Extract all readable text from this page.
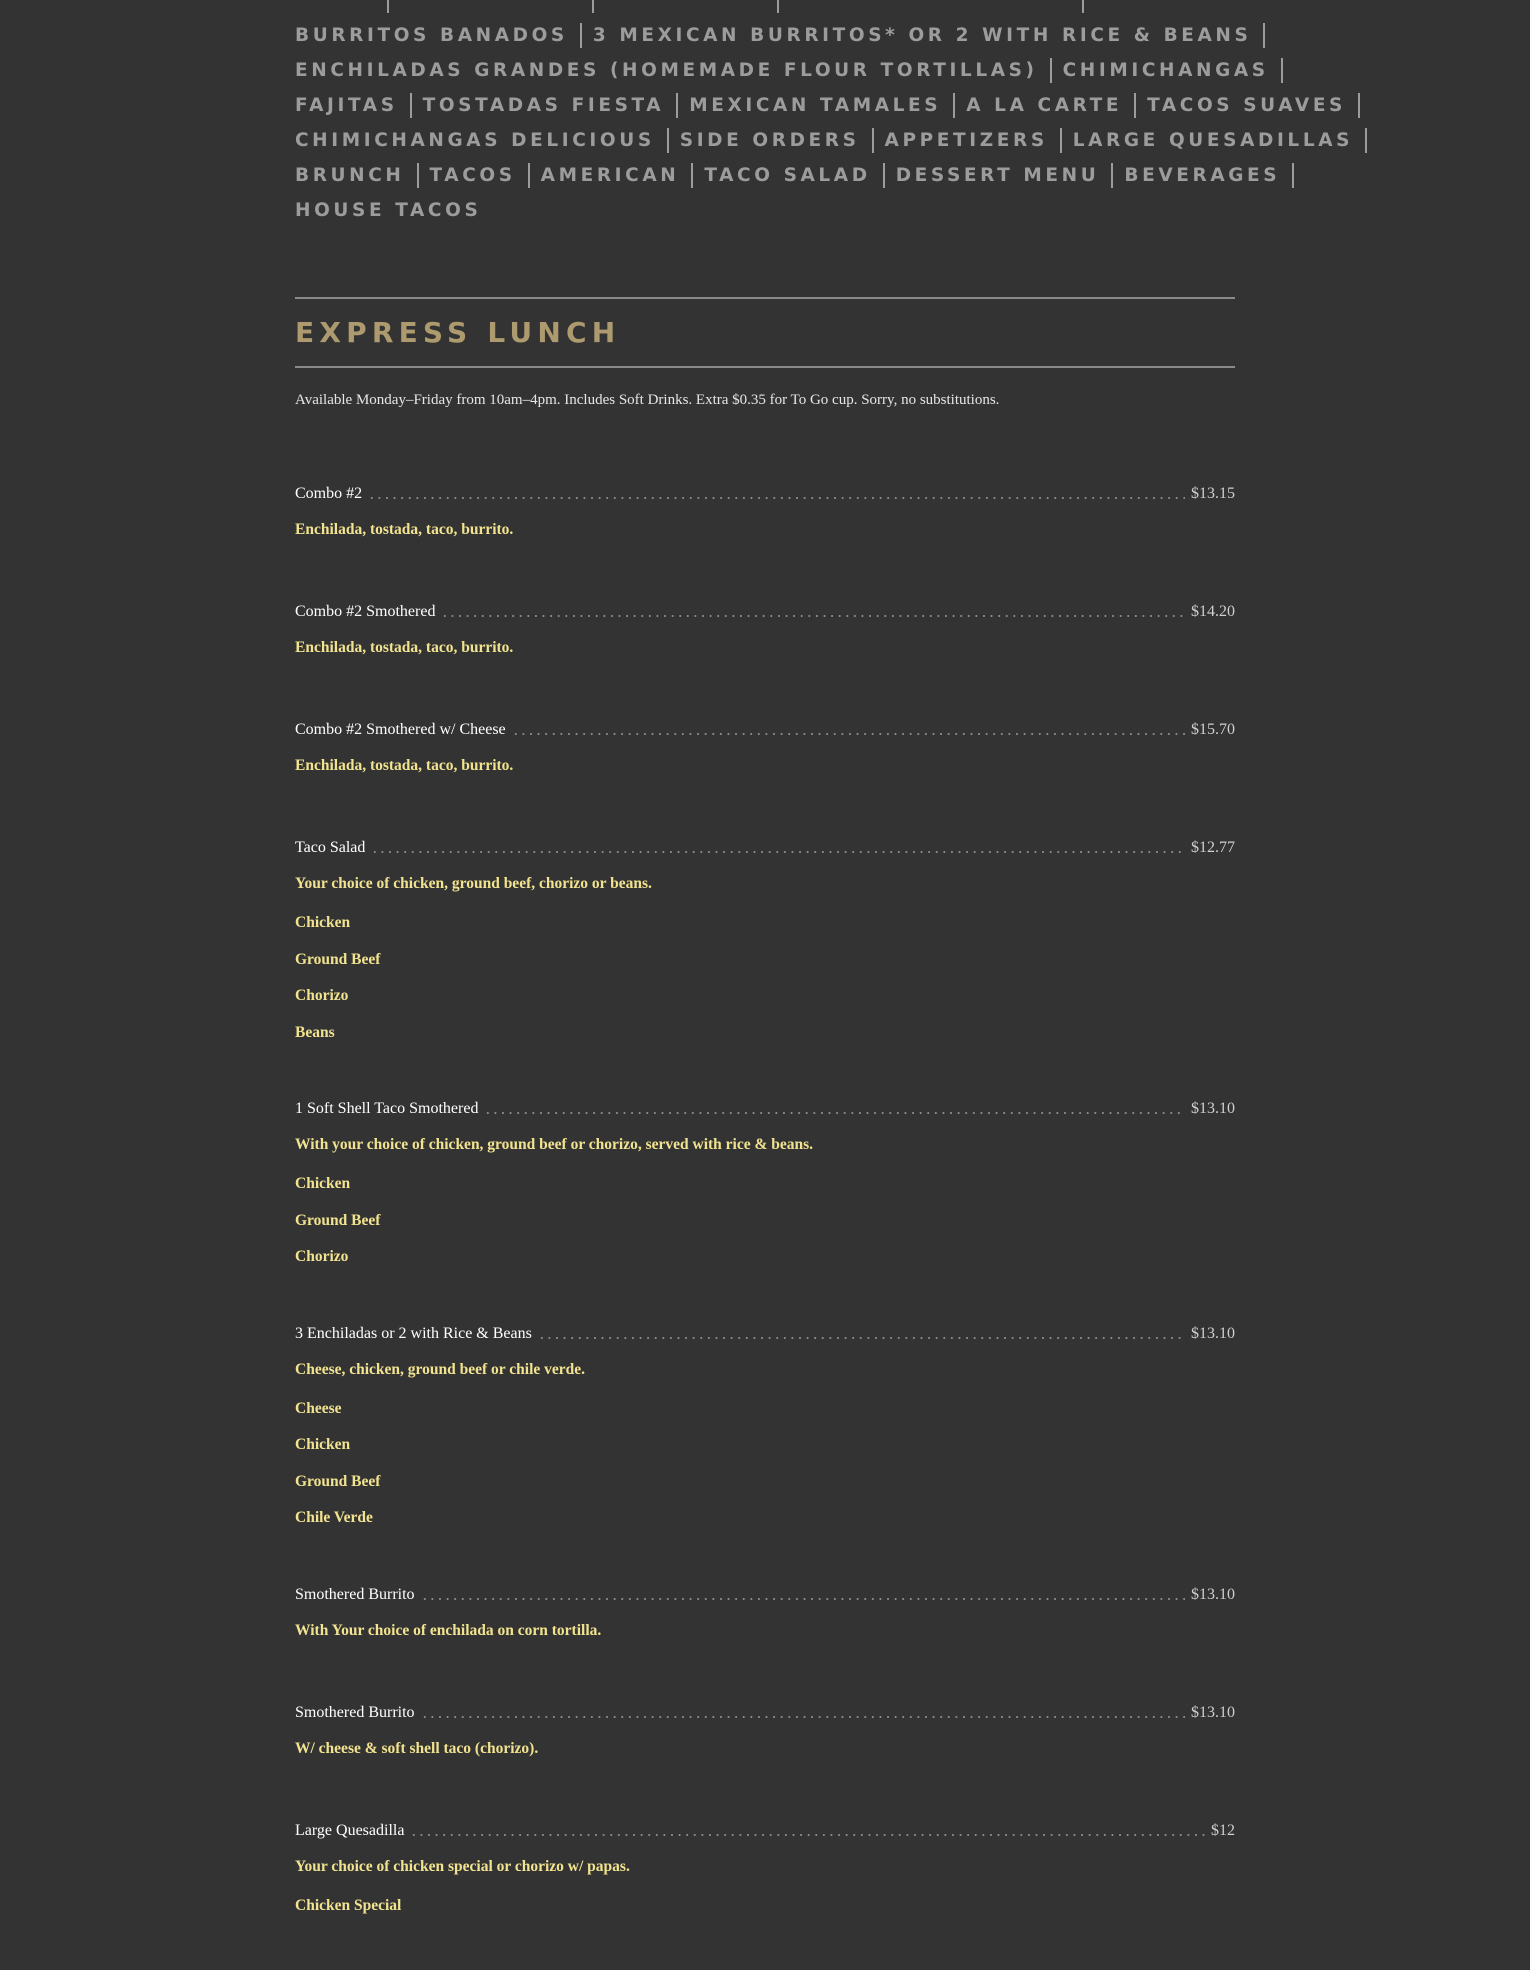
BURRITOS BANADOS 3 MEXICAN BURRITOS* OR 2 WITH RICE & BEANS
ENCHILADAS GRANDES (HOMEMADE FLOUR TORTILLAS) CHIMICHANGAS
FAJITAS TOSTADAS FIESTA MEXICAN TAMALES A LA CARTE TACOS SUAVES
CHIMICHANGAS DELICIOUS SIDE ORDERS APPETIZERS LARGE QUESADILLAS
BRUNCH TACOS AMERICAN TACO SALAD DESSERT MENU BEVERAGES
HOUSE TACOS
EXPRESS LUNCH

Available Monday–Friday from 10am–4pm. Includes Soft Drinks. Extra $0.35 for To Go cup. Sorry, no substitutions.

Combo #2	$13.15
Enchilada, tostada, taco, burrito.
Combo #2 Smothered	$14.20
Enchilada, tostada, taco, burrito.
Combo #2 Smothered w/ Cheese	$15.70
Enchilada, tostada, taco, burrito.
Taco Salad	$12.77
Your choice of chicken, ground beef, chorizo or beans.
Chicken
Ground Beef
Chorizo
Beans
1 Soft Shell Taco Smothered	$13.10
With your choice of chicken, ground beef or chorizo, served with rice & beans.
Chicken
Ground Beef
Chorizo
3 Enchiladas or 2 with Rice & Beans	$13.10
Cheese, chicken, ground beef or chile verde.
Cheese
Chicken
Ground Beef
Chile Verde
Smothered Burrito	$13.10
With Your choice of enchilada on corn tortilla.
Smothered Burrito	$13.10
W/ cheese & soft shell taco (chorizo).
Large Quesadilla	$12
Your choice of chicken special or chorizo w/ papas.
Chicken Special
